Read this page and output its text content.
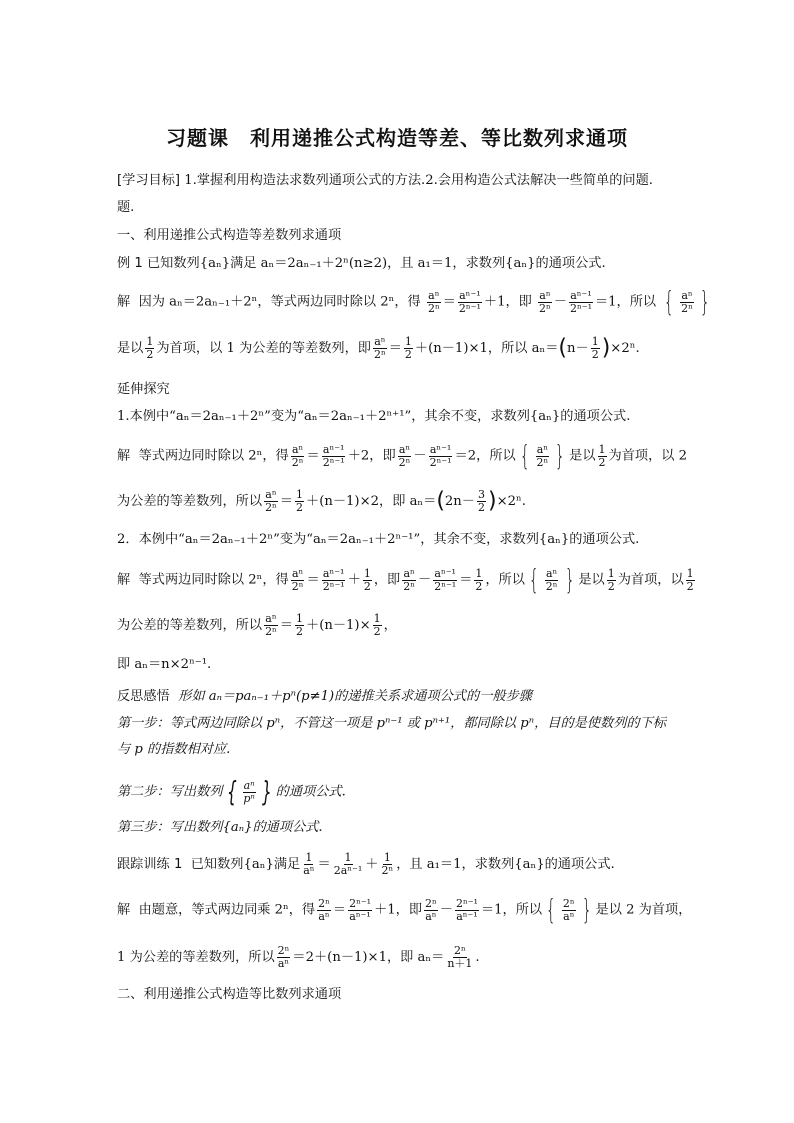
习题课　利用递推公式构造等差、等比数列求通项
[学习目标] 1.掌握利用构造法求数列通项公式的方法.2.会用构造公式法解决一些简单的问题.
题.
一、利用递推公式构造等差数列求通项
例 1 已知数列{aₙ}满足 aₙ＝2aₙ₋₁＋2ⁿ(n≥2)，且 a₁＝1，求数列{aₙ}的通项公式.
解 因为 aₙ＝2aₙ₋₁＋2ⁿ，等式两边同时除以 2ⁿ，得 $\frac{\text{aⁿ}}{\text{2ⁿ}} = \frac{\text{aⁿ⁻¹}}{\text{2ⁿ⁻¹}} +1$，即 $\frac{\text{aⁿ}}{\text{2ⁿ}} - \frac{\text{aⁿ⁻¹}}{\text{2ⁿ⁻¹}} =1$，所以 { $\frac{\text{aⁿ}}{\text{2ⁿ}}$ }
是以 $\frac{1}{2}$ 为首项，以 1 为公差的等差数列，即 $\frac{\text{aⁿ}}{\text{2ⁿ}} = \frac{1}{2} +(n-1)\times 1$，所以 $a_n=(n- \frac{1}{2} )\times 2^n$.
延伸探究
1.本例中“aₙ＝2aₙ₋₁＋2ⁿ”变为“aₙ＝2aₙ₋₁＋2ⁿ⁺¹”，其余不变，求数列{aₙ}的通项公式.
解 等式两边同时除以 2ⁿ，得 $\frac{\text{aⁿ}}{\text{2ⁿ}} = \frac{\text{aⁿ⁻¹}}{\text{2ⁿ⁻¹}} +2$，即 $\frac{\text{aⁿ}}{\text{2ⁿ}} - \frac{\text{aⁿ⁻¹}}{\text{2ⁿ⁻¹}} =2$，所以 { $\frac{\text{aⁿ}}{\text{2ⁿ}}$ } 是以 $\frac{1}{2}$ 为首项，以 2
为公差的等差数列，所以 $\frac{\text{aⁿ}}{\text{2ⁿ}} = \frac{1}{2} +(n-1)\times 2$，即 $a_n=(2n- \frac{3}{2} )\times 2^n$.
2．本例中“aₙ＝2aₙ₋₁＋2ⁿ”变为“aₙ＝2aₙ₋₁＋2ⁿ⁻¹”，其余不变，求数列{aₙ}的通项公式.
解 等式两边同时除以 2ⁿ，得 $\frac{\text{aⁿ}}{\text{2ⁿ}} = \frac{\text{aⁿ⁻¹}}{\text{2ⁿ⁻¹}} + \frac{1}{2}$ ，即 $\frac{\text{aⁿ}}{\text{2ⁿ}} - \frac{\text{aⁿ⁻¹}}{\text{2ⁿ⁻¹}} = \frac{1}{2}$ ，所以 { $\frac{\text{aⁿ}}{\text{2ⁿ}}$ } 是以 $\frac{1}{2}$ 为首项，以 $\frac{1}{2}$
为公差的等差数列，所以 $\frac{\text{aⁿ}}{\text{2ⁿ}} = \frac{1}{2} +(n-1)\times \frac{1}{2}$ ，
即 aₙ＝n×2ⁿ⁻¹.
反思感悟 形如 aₙ＝paₙ₋₁＋pⁿ(p≠1)的递推关系求通项公式的一般步骤
第一步：等式两边同除以 pⁿ，不管这一项是 pⁿ⁻¹ 或 pⁿ⁺¹，都同除以 pⁿ，目的是使数列的下标
与 p 的指数相对应.
第二步：写出数列 { $\frac{\text{aⁿ}}{\text{pⁿ}}$ } 的通项公式.
第三步：写出数列{aₙ}的通项公式.
跟踪训练 1 已知数列{aₙ}满足 $\frac{1}{\text{aⁿ}} = \frac{1}{\text{2aⁿ⁻¹}} + \frac{1}{\text{2ⁿ}}$ ，且 a₁＝1，求数列{aₙ}的通项公式.
解 由题意，等式两边同乘 2ⁿ，得 $\frac{\text{2ⁿ}}{\text{aⁿ}} = \frac{\text{2ⁿ⁻¹}}{\text{aⁿ⁻¹}} +1$，即 $\frac{\text{2ⁿ}}{\text{aⁿ}} - \frac{\text{2ⁿ⁻¹}}{\text{aⁿ⁻¹}} =1$，所以 { $\frac{\text{2ⁿ}}{\text{aⁿ}}$ } 是以 2 为首项，
1 为公差的等差数列，所以 $\frac{\text{2ⁿ}}{\text{aⁿ}} =2+(n-1)\times 1$，即 $a_n= \frac{\text{2ⁿ}}{n+1}$ .
二、利用递推公式构造等比数列求通项
